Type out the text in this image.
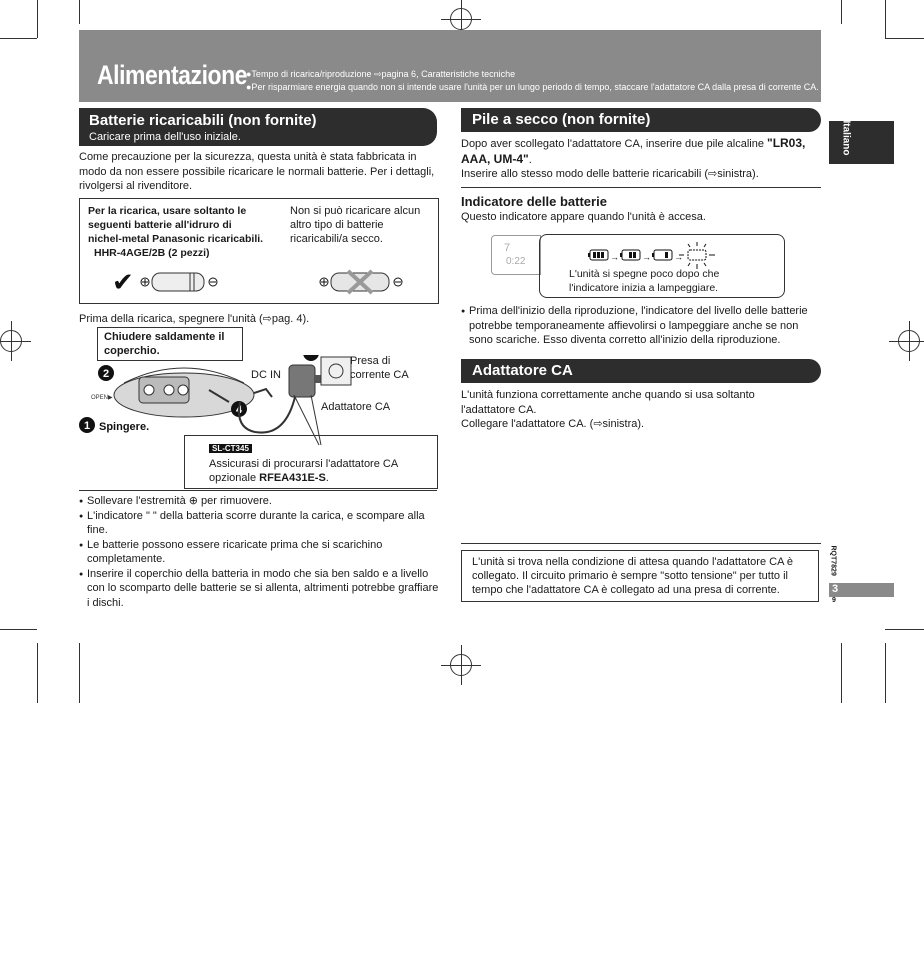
Alimentazione
●Tempo di ricarica/riproduzione ⇨pagina 6, Caratteristiche tecniche
●Per risparmiare energia quando non si intende usare l'unità per un lungo periodo di tempo, staccare l'adattatore CA dalla presa di corrente CA.
Batterie ricaricabili (non fornite)
Caricare prima dell'uso iniziale.
Come precauzione per la sicurezza, questa unità è stata fabbricata in modo da non essere possibile ricaricare le normali batterie. Per i dettagli, rivolgersi al rivenditore.
Per la ricarica, usare soltanto le
seguenti batterie all'idruro di
nichel-metal Panasonic ricaricabili.
HHR-4AGE/2B (2 pezzi)
Non si può ricaricare alcun altro tipo di batterie ricaricabili/a secco.
✔
Prima della ricarica, spegnere l'unità (⇨pag. 4).
Chiudere saldamente il coperchio.
2
OPEN▶
1 Spingere.
4
DC IN
Presa di corrente CA
Adattatore CA
3
SL-CT345
Assicurasi di procurarsi l'adattatore CA opzionale RFEA431E-S.
● Sollevare l'estremità ⊕ per rimuovere.
● L'indicatore " " della batteria scorre durante la carica, e scompare alla fine.
● Le batterie possono essere ricaricate prima che si scarichino completamente.
● Inserire il coperchio della batteria in modo che sia ben saldo e a livello con lo scomparto delle batterie se si allenta, altrimenti potrebbe graffiare i dischi.
Pile a secco (non fornite)
Dopo aver scollegato l'adattatore CA, inserire due pile alcaline "LR03, AAA, UM-4".
Inserire allo stesso modo delle batterie ricaricabili (⇨sinistra).
Indicatore delle batterie
Questo indicatore appare quando l'unità è accesa.
7
0:22	→	→	→
L'unità si spegne poco dopo che l'indicatore inizia a lampeggiare.
● Prima dell'inizio della riproduzione, l'indicatore del livello delle batterie potrebbe temporaneamente affievolirsi o lampeggiare anche se non sono scariche. Esso diventa corretto all'inizio della riproduzione.
Adattatore CA
L'unità funziona correttamente anche quando si usa soltanto l'adattatore CA.
Collegare l'adattatore CA. (⇨sinistra).
L'unità si trova nella condizione di attesa quando l'adattatore CA è collegato. Il circuito primario è sempre "sotto tensione" per tutto il tempo che l'adattatore CA è collegato ad una presa di corrente.
Italiano
RQT7829
3
9
